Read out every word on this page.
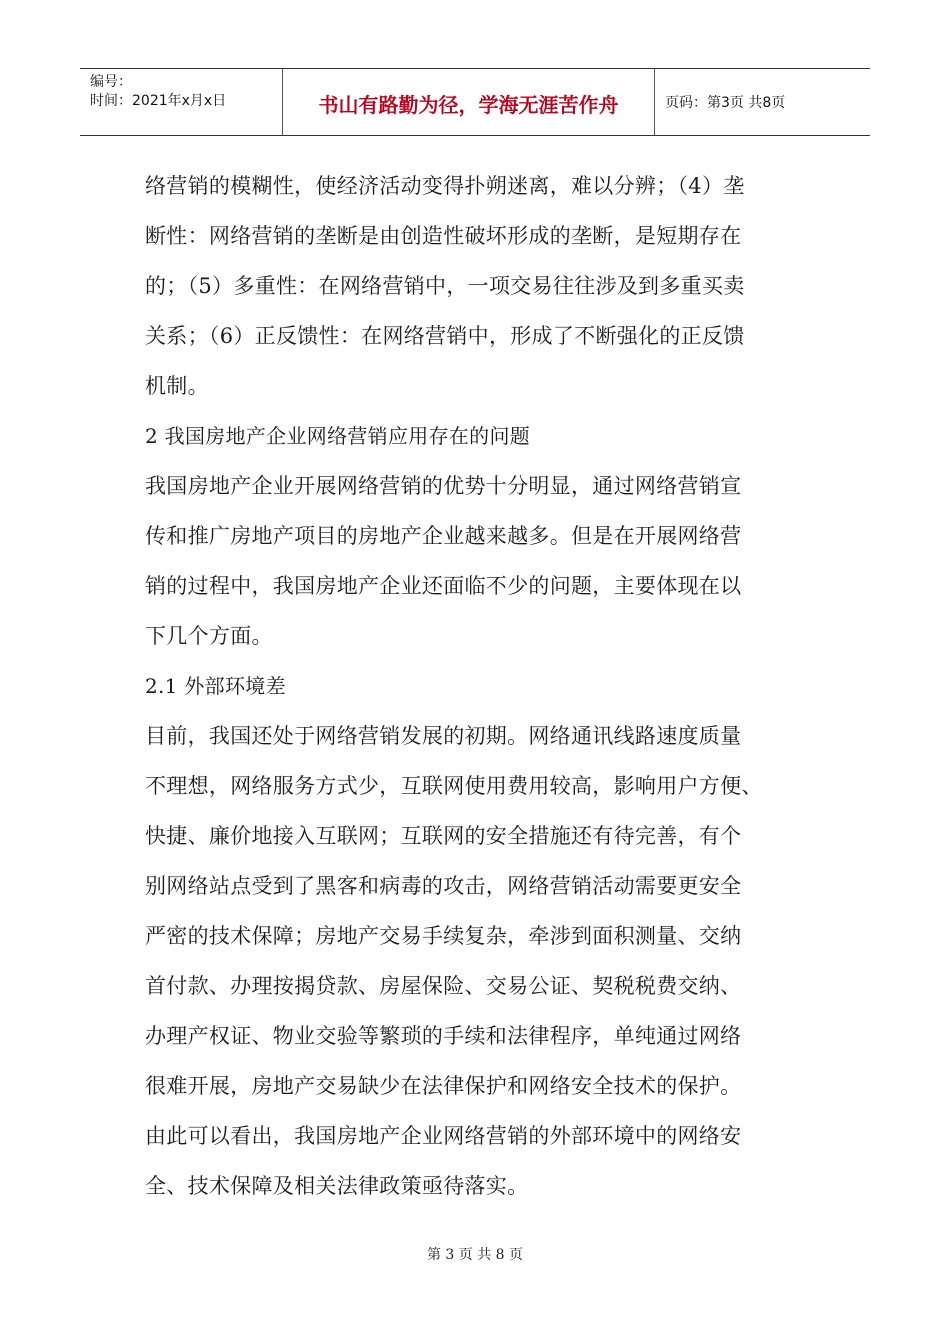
编号：
时间：2021年x月x日	书山有路勤为径，学海无涯苦作舟	页码：第3页 共8页
络营销的模糊性，使经济活动变得扑朔迷离，难以分辨；（4）垄
断性：网络营销的垄断是由创造性破坏形成的垄断，是短期存在
的；（5）多重性：在网络营销中，一项交易往往涉及到多重买卖
关系；（6）正反馈性：在网络营销中，形成了不断强化的正反馈
机制。
2 我国房地产企业网络营销应用存在的问题
我国房地产企业开展网络营销的优势十分明显，通过网络营销宣
传和推广房地产项目的房地产企业越来越多。但是在开展网络营
销的过程中，我国房地产企业还面临不少的问题，主要体现在以
下几个方面。
2.1 外部环境差
目前，我国还处于网络营销发展的初期。网络通讯线路速度质量
不理想，网络服务方式少，互联网使用费用较高，影响用户方便、
快捷、廉价地接入互联网；互联网的安全措施还有待完善，有个
别网络站点受到了黑客和病毒的攻击，网络营销活动需要更安全
严密的技术保障；房地产交易手续复杂，牵涉到面积测量、交纳
首付款、办理按揭贷款、房屋保险、交易公证、契税税费交纳、
办理产权证、物业交验等繁琐的手续和法律程序，单纯通过网络
很难开展，房地产交易缺少在法律保护和网络安全技术的保护。
由此可以看出，我国房地产企业网络营销的外部环境中的网络安
全、技术保障及相关法律政策亟待落实。
第 3 页 共 8 页
